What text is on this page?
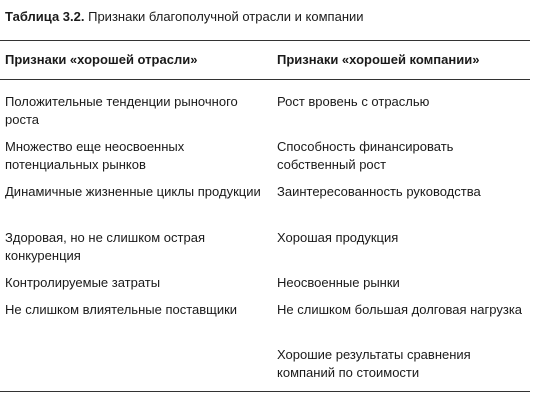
Таблица 3.2. Признаки благополучной отрасли и компании
Признаки «хорошей отрасли»	Признаки «хорошей компании»
Положительные тенденции рыночного роста
Множество еще неосвоенных потенциальных рынков
Динамичные жизненные циклы продукции
Здоровая, но не слишком острая конкуренция
Контролируемые затраты
Не слишком влиятельные поставщики
Рост вровень с отраслью
Способность финансировать собственный рост
Заинтересованность руководства
Хорошая продукция
Неосвоенные рынки
Не слишком большая долговая нагрузка
Хорошие результаты сравнения компаний по стоимости
